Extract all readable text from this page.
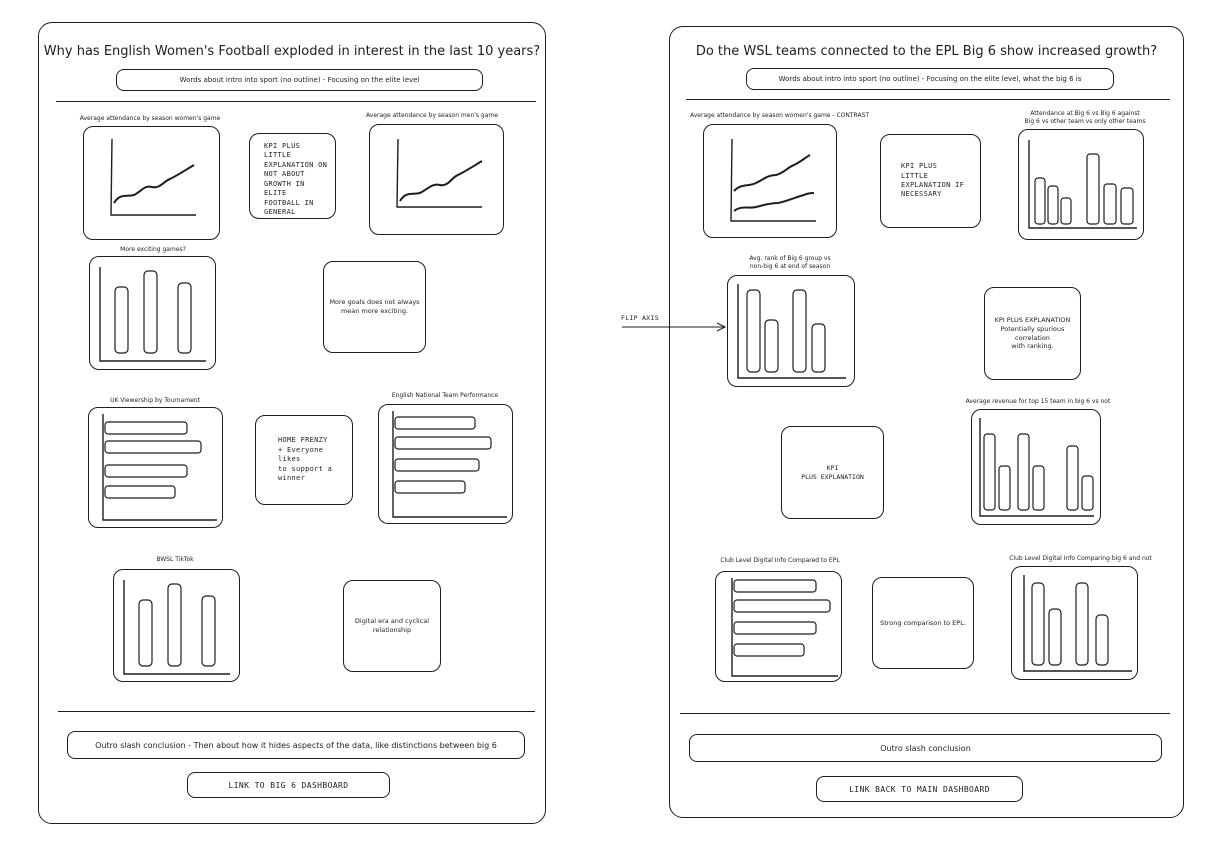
Why has English Women's Football exploded in interest in the last 10 years?
Words about intro into sport (no outline) - Focusing on the elite level
Average attendance by season women's game
KPI PLUS
LITTLE
EXPLANATION ON
NOT ABOUT
GROWTH IN
ELITE
FOOTBALL IN
GENERAL
Average attendance by season men's game
More exciting games?
More goals does not always
mean more exciting.
UK Viewership by Tournament
HOME FRENZY
+ Everyone likes
to support a
winner
English National Team Performance
BWSL TikTok
Digital era and cyclical
relationship
Outro slash conclusion - Then about how it hides aspects of the data, like distinctions between big 6
LINK TO BIG 6 DASHBOARD
Do the WSL teams connected to the EPL Big 6 show increased growth?
Words about intro into sport (no outline) - Focusing on the elite level, what the big 6 is
Average attendance by season women's game - CONTRAST
KPI PLUS
LITTLE
EXPLANATION IF
NECESSARY
Attendance at Big 6 vs Big 6 against
Big 6 vs other team vs only other teams
Avg. rank of Big 6 group vs
non-big 6 at end of season
FLIP AXIS	KPI PLUS EXPLANATION
Potentially spurious correlation
with ranking.
KPI
PLUS EXPLANATION
Average revenue for top 15 team in big 6 vs not
Club Level Digital Info Compared to EPL
Strong comparison to EPL.
Club Level Digital Info Comparing big 6 and not
Outro slash conclusion
LINK BACK TO MAIN DASHBOARD
